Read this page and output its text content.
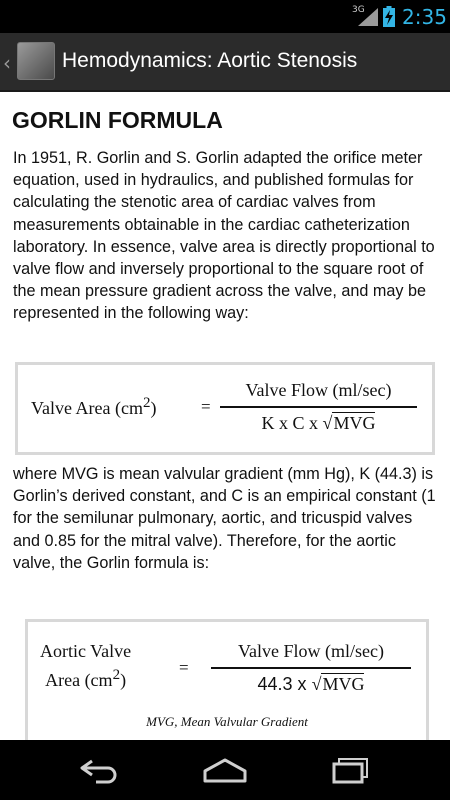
3G 2:35
‹ Hemodynamics: Aortic Stenosis
GORLIN FORMULA

In 1951, R. Gorlin and S. Gorlin adapted the orifice meter equation, used in hydraulics, and published formulas for calculating the stenotic area of cardiac valves from measurements obtainable in the cardiac catheterization laboratory. In essence, valve area is directly proportional to valve flow and inversely proportional to the square root of the mean pressure gradient across the valve, and may be represented in the following way:

Valve Area $(cm^2)$	=
Valve Flow (ml/sec)
K x C x √MVG

where MVG is mean valvular gradient (mm Hg), K (44.3) is Gorlin’s derived constant, and C is an empirical constant (1 for the semilunar pulmonary, aortic, and tricuspid valves and 0.85 for the mitral valve). Therefore, for the aortic valve, the Gorlin formula is:

Aortic Valve
Area $(cm^2)$
=
Valve Flow (ml/sec)
44.3 x √MVG
MVG, Mean Valvular Gradient
